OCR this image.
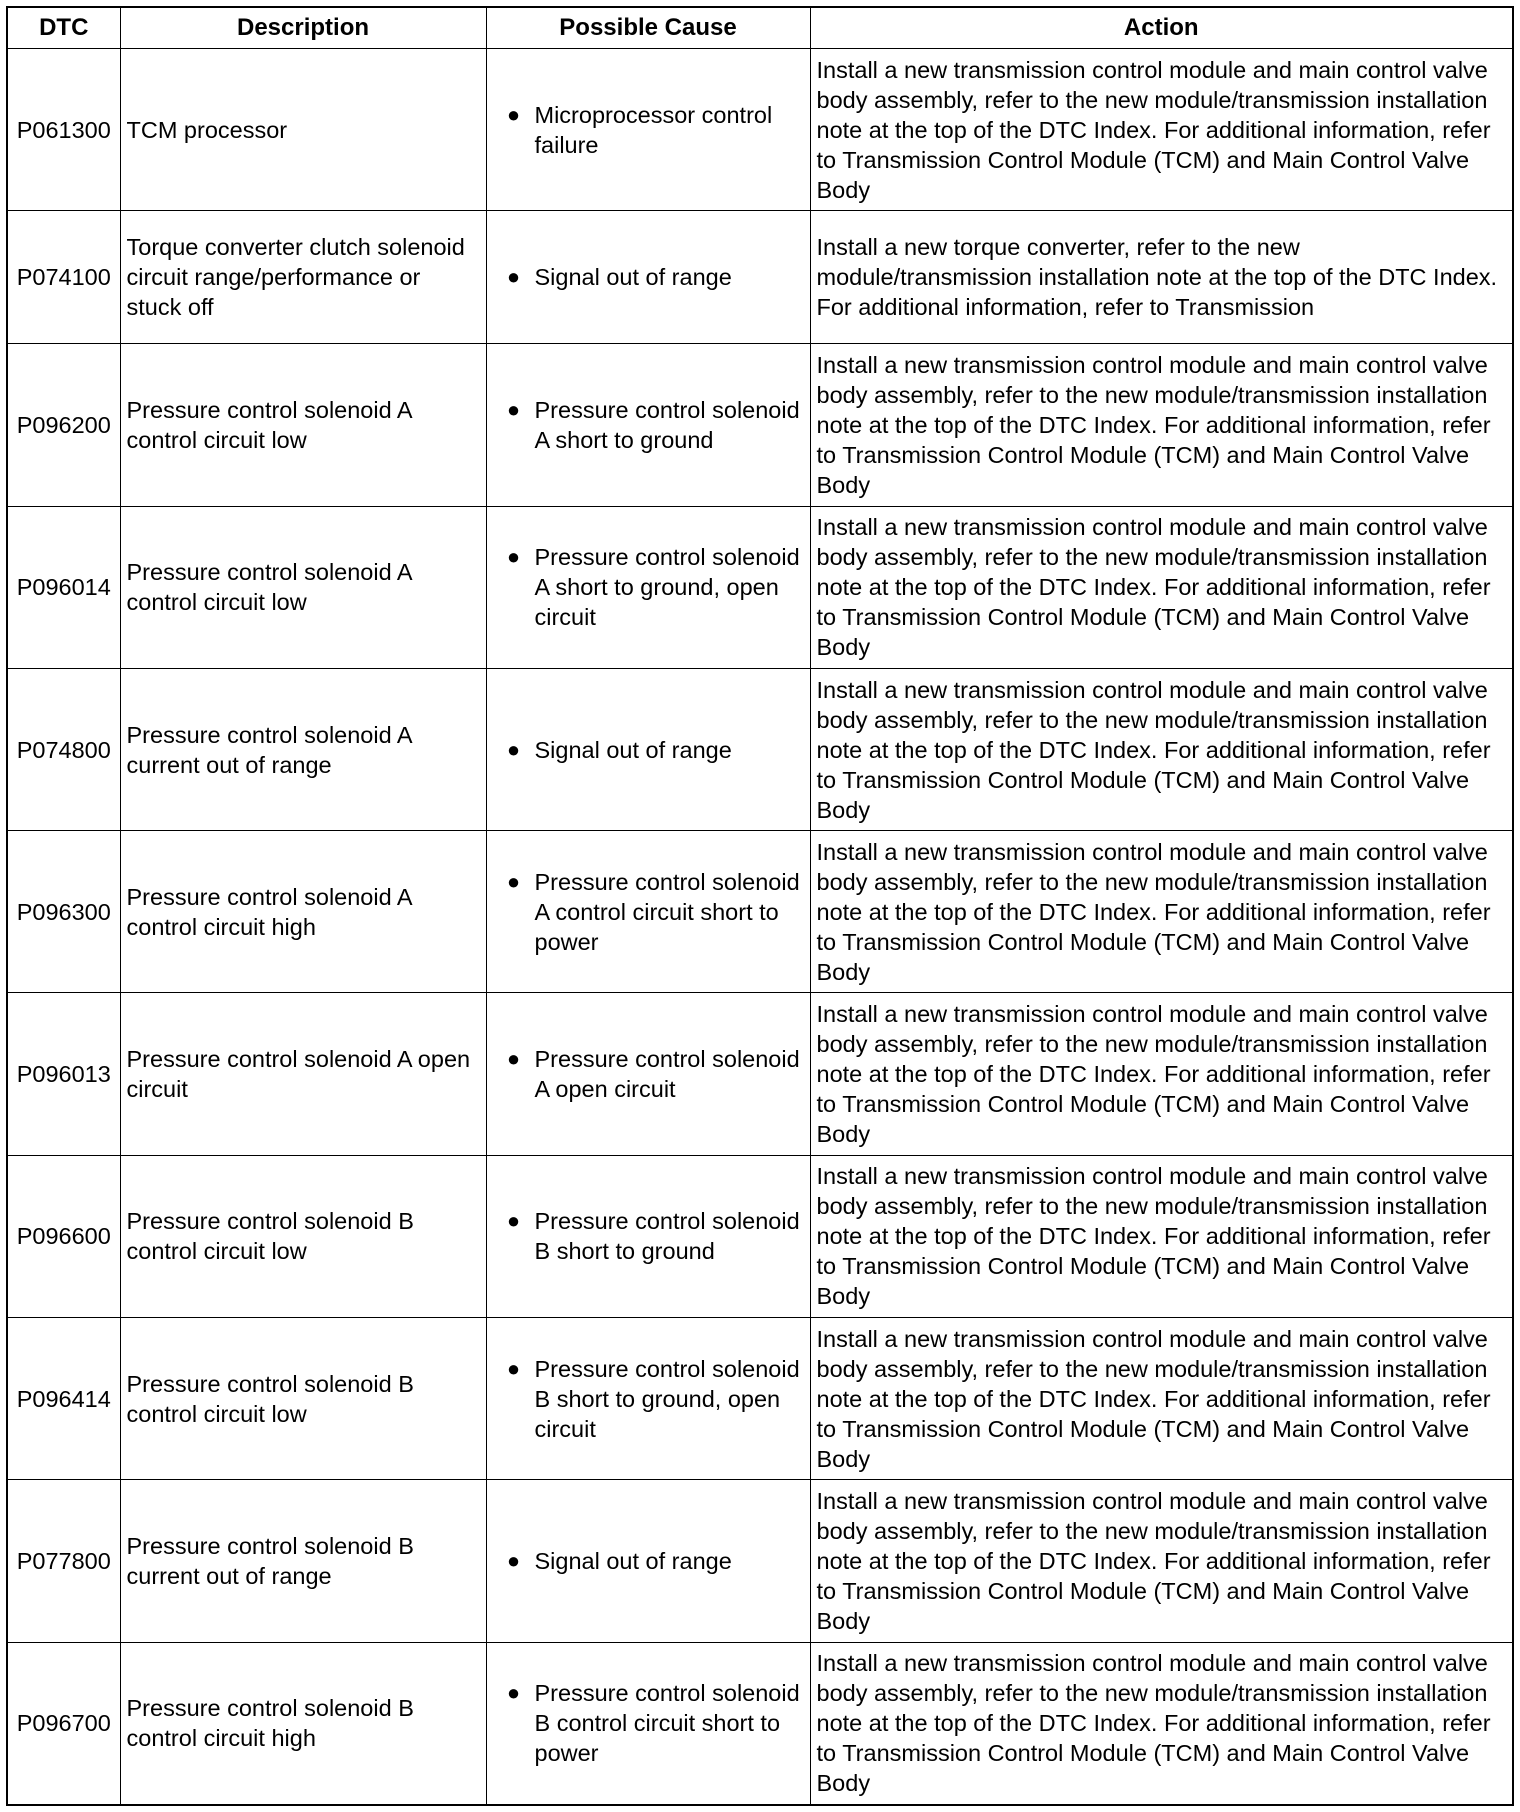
DTC	Description	Possible Cause	Action
P061300	TCM processor	● Microprocessor control failure	Install a new transmission control module and main control valve body assembly, refer to the new module/transmission installation note at the top of the DTC Index. For additional information, refer to Transmission Control Module (TCM) and Main Control Valve Body
P074100	Torque converter clutch solenoid circuit range/performance or stuck off	● Signal out of range	Install a new torque converter, refer to the new module/transmission installation note at the top of the DTC Index. For additional information, refer to Transmission
P096200	Pressure control solenoid A control circuit low	● Pressure control solenoid A short to ground	Install a new transmission control module and main control valve body assembly, refer to the new module/transmission installation note at the top of the DTC Index. For additional information, refer to Transmission Control Module (TCM) and Main Control Valve Body
P096014	Pressure control solenoid A control circuit low	● Pressure control solenoid A short to ground, open circuit	Install a new transmission control module and main control valve body assembly, refer to the new module/transmission installation note at the top of the DTC Index. For additional information, refer to Transmission Control Module (TCM) and Main Control Valve Body
P074800	Pressure control solenoid A current out of range	● Signal out of range	Install a new transmission control module and main control valve body assembly, refer to the new module/transmission installation note at the top of the DTC Index. For additional information, refer to Transmission Control Module (TCM) and Main Control Valve Body
P096300	Pressure control solenoid A control circuit high	● Pressure control solenoid A control circuit short to power	Install a new transmission control module and main control valve body assembly, refer to the new module/transmission installation note at the top of the DTC Index. For additional information, refer to Transmission Control Module (TCM) and Main Control Valve Body
P096013	Pressure control solenoid A open circuit	● Pressure control solenoid A open circuit	Install a new transmission control module and main control valve body assembly, refer to the new module/transmission installation note at the top of the DTC Index. For additional information, refer to Transmission Control Module (TCM) and Main Control Valve Body
P096600	Pressure control solenoid B control circuit low	● Pressure control solenoid B short to ground	Install a new transmission control module and main control valve body assembly, refer to the new module/transmission installation note at the top of the DTC Index. For additional information, refer to Transmission Control Module (TCM) and Main Control Valve Body
P096414	Pressure control solenoid B control circuit low	● Pressure control solenoid B short to ground, open circuit	Install a new transmission control module and main control valve body assembly, refer to the new module/transmission installation note at the top of the DTC Index. For additional information, refer to Transmission Control Module (TCM) and Main Control Valve Body
P077800	Pressure control solenoid B current out of range	● Signal out of range	Install a new transmission control module and main control valve body assembly, refer to the new module/transmission installation note at the top of the DTC Index. For additional information, refer to Transmission Control Module (TCM) and Main Control Valve Body
P096700	Pressure control solenoid B control circuit high	● Pressure control solenoid B control circuit short to power	Install a new transmission control module and main control valve body assembly, refer to the new module/transmission installation note at the top of the DTC Index. For additional information, refer to Transmission Control Module (TCM) and Main Control Valve Body
